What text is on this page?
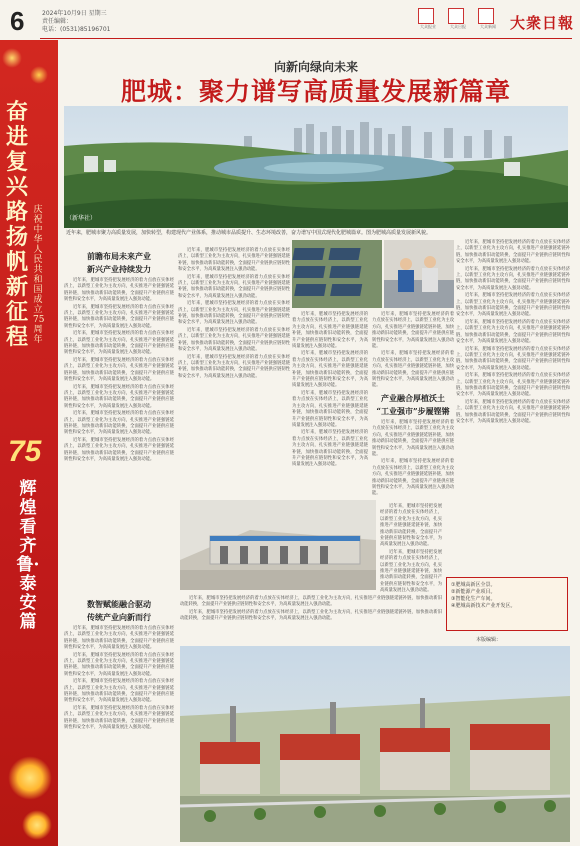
6	2024年10月9日 星期三
责任编辑：
电话：(0531)85196701	大众报业	大众日报	大众新闻 大衆日報
奋进复兴路 扬帆新征程
庆祝中华人民共和国成立75周年
75
辉煌看齐鲁·泰安篇
向新向绿向未来
肥城：聚力谱写高质量发展新篇章
（新华社）
近年来，肥城市聚力高质量发展，加快转型，构建现代产业体系，推动城市品质提升、生态环境改善，奋力谱写中国式现代化肥城篇章。图为肥城高质量发展新风貌。
前瞻布局未来产业
新兴产业持续发力

近年来，肥城市坚持把发展经济的着力点放在实体经济上，以新型工业化为主攻方向，扎实推进产业链强链延链补链，加快推动新旧动能转换，全面提升产业链供应链韧性和安全水平，为高质量发展注入强劲动能。

近年来，肥城市坚持把发展经济的着力点放在实体经济上，以新型工业化为主攻方向，扎实推进产业链强链延链补链，加快推动新旧动能转换，全面提升产业链供应链韧性和安全水平，为高质量发展注入强劲动能。

近年来，肥城市坚持把发展经济的着力点放在实体经济上，以新型工业化为主攻方向，扎实推进产业链强链延链补链，加快推动新旧动能转换，全面提升产业链供应链韧性和安全水平，为高质量发展注入强劲动能。

近年来，肥城市坚持把发展经济的着力点放在实体经济上，以新型工业化为主攻方向，扎实推进产业链强链延链补链，加快推动新旧动能转换，全面提升产业链供应链韧性和安全水平，为高质量发展注入强劲动能。

近年来，肥城市坚持把发展经济的着力点放在实体经济上，以新型工业化为主攻方向，扎实推进产业链强链延链补链，加快推动新旧动能转换，全面提升产业链供应链韧性和安全水平，为高质量发展注入强劲动能。

近年来，肥城市坚持把发展经济的着力点放在实体经济上，以新型工业化为主攻方向，扎实推进产业链强链延链补链，加快推动新旧动能转换，全面提升产业链供应链韧性和安全水平，为高质量发展注入强劲动能。

近年来，肥城市坚持把发展经济的着力点放在实体经济上，以新型工业化为主攻方向，扎实推进产业链强链延链补链，加快推动新旧动能转换，全面提升产业链供应链韧性和安全水平，为高质量发展注入强劲动能。

近年来，肥城市坚持把发展经济的着力点放在实体经济上，以新型工业化为主攻方向，扎实推进产业链强链延链补链，加快推动新旧动能转换，全面提升产业链供应链韧性和安全水平，为高质量发展注入强劲动能。

近年来，肥城市坚持把发展经济的着力点放在实体经济上，以新型工业化为主攻方向，扎实推进产业链强链延链补链，加快推动新旧动能转换，全面提升产业链供应链韧性和安全水平，为高质量发展注入强劲动能。

近年来，肥城市坚持把发展经济的着力点放在实体经济上，以新型工业化为主攻方向，扎实推进产业链强链延链补链，加快推动新旧动能转换，全面提升产业链供应链韧性和安全水平，为高质量发展注入强劲动能。

近年来，肥城市坚持把发展经济的着力点放在实体经济上，以新型工业化为主攻方向，扎实推进产业链强链延链补链，加快推动新旧动能转换，全面提升产业链供应链韧性和安全水平，为高质量发展注入强劲动能。

近年来，肥城市坚持把发展经济的着力点放在实体经济上，以新型工业化为主攻方向，扎实推进产业链强链延链补链，加快推动新旧动能转换，全面提升产业链供应链韧性和安全水平，为高质量发展注入强劲动能。

近年来，肥城市坚持把发展经济的着力点放在实体经济上，以新型工业化为主攻方向，扎实推进产业链强链延链补链，加快推动新旧动能转换，全面提升产业链供应链韧性和安全水平，为高质量发展注入强劲动能。

近年来，肥城市坚持把发展经济的着力点放在实体经济上，以新型工业化为主攻方向，扎实推进产业链强链延链补链，加快推动新旧动能转换，全面提升产业链供应链韧性和安全水平，为高质量发展注入强劲动能。

近年来，肥城市坚持把发展经济的着力点放在实体经济上，以新型工业化为主攻方向，扎实推进产业链强链延链补链，加快推动新旧动能转换，全面提升产业链供应链韧性和安全水平，为高质量发展注入强劲动能。

近年来，肥城市坚持把发展经济的着力点放在实体经济上，以新型工业化为主攻方向，扎实推进产业链强链延链补链，加快推动新旧动能转换，全面提升产业链供应链韧性和安全水平，为高质量发展注入强劲动能。

近年来，肥城市坚持把发展经济的着力点放在实体经济上，以新型工业化为主攻方向，扎实推进产业链强链延链补链，加快推动新旧动能转换，全面提升产业链供应链韧性和安全水平，为高质量发展注入强劲动能。

近年来，肥城市坚持把发展经济的着力点放在实体经济上，以新型工业化为主攻方向，扎实推进产业链强链延链补链，加快推动新旧动能转换，全面提升产业链供应链韧性和安全水平，为高质量发展注入强劲动能。

近年来，肥城市坚持把发展经济的着力点放在实体经济上，以新型工业化为主攻方向，扎实推进产业链强链延链补链，加快推动新旧动能转换，全面提升产业链供应链韧性和安全水平，为高质量发展注入强劲动能。

近年来，肥城市坚持把发展经济的着力点放在实体经济上，以新型工业化为主攻方向，扎实推进产业链强链延链补链，加快推动新旧动能转换，全面提升产业链供应链韧性和安全水平，为高质量发展注入强劲动能。

近年来，肥城市坚持把发展经济的着力点放在实体经济上，以新型工业化为主攻方向，扎实推进产业链强链延链补链，加快推动新旧动能转换，全面提升产业链供应链韧性和安全水平，为高质量发展注入强劲动能。

近年来，肥城市坚持把发展经济的着力点放在实体经济上，以新型工业化为主攻方向，扎实推进产业链强链延链补链，加快推动新旧动能转换，全面提升产业链供应链韧性和安全水平，为高质量发展注入强劲动能。

近年来，肥城市坚持把发展经济的着力点放在实体经济上，以新型工业化为主攻方向，扎实推进产业链强链延链补链，加快推动新旧动能转换，全面提升产业链供应链韧性和安全水平，为高质量发展注入强劲动能。

近年来，肥城市坚持把发展经济的着力点放在实体经济上，以新型工业化为主攻方向，扎实推进产业链强链延链补链，加快推动新旧动能转换，全面提升产业链供应链韧性和安全水平，为高质量发展注入强劲动能。

近年来，肥城市坚持把发展经济的着力点放在实体经济上，以新型工业化为主攻方向，扎实推进产业链强链延链补链，加快推动新旧动能转换，全面提升产业链供应链韧性和安全水平，为高质量发展注入强劲动能。

产业融合厚植沃土
“工业强市”步履铿锵

近年来，肥城市坚持把发展经济的着力点放在实体经济上，以新型工业化为主攻方向，扎实推进产业链强链延链补链，加快推动新旧动能转换，全面提升产业链供应链韧性和安全水平，为高质量发展注入强劲动能。

近年来，肥城市坚持把发展经济的着力点放在实体经济上，以新型工业化为主攻方向，扎实推进产业链强链延链补链，加快推动新旧动能转换，全面提升产业链供应链韧性和安全水平，为高质量发展注入强劲动能。

近年来，肥城市坚持把发展经济的着力点放在实体经济上，以新型工业化为主攻方向，扎实推进产业链强链延链补链，加快推动新旧动能转换，全面提升产业链供应链韧性和安全水平，为高质量发展注入强劲动能。

近年来，肥城市坚持把发展经济的着力点放在实体经济上，以新型工业化为主攻方向，扎实推进产业链强链延链补链，加快推动新旧动能转换，全面提升产业链供应链韧性和安全水平，为高质量发展注入强劲动能。

①肥城高新区全景。
②新能源产业项目。
③智能化生产车间。
④肥城高新技术产业开发区。
本版编辑：
数智赋能融合驱动
传统产业向新而行

近年来，肥城市坚持把发展经济的着力点放在实体经济上，以新型工业化为主攻方向，扎实推进产业链强链延链补链，加快推动新旧动能转换，全面提升产业链供应链韧性和安全水平，为高质量发展注入强劲动能。

近年来，肥城市坚持把发展经济的着力点放在实体经济上，以新型工业化为主攻方向，扎实推进产业链强链延链补链，加快推动新旧动能转换，全面提升产业链供应链韧性和安全水平，为高质量发展注入强劲动能。

近年来，肥城市坚持把发展经济的着力点放在实体经济上，以新型工业化为主攻方向，扎实推进产业链强链延链补链，加快推动新旧动能转换，全面提升产业链供应链韧性和安全水平，为高质量发展注入强劲动能。

近年来，肥城市坚持把发展经济的着力点放在实体经济上，以新型工业化为主攻方向，扎实推进产业链强链延链补链，加快推动新旧动能转换，全面提升产业链供应链韧性和安全水平，为高质量发展注入强劲动能。

近年来，肥城市坚持把发展经济的着力点放在实体经济上，以新型工业化为主攻方向，扎实推进产业链强链延链补链，加快推动新旧动能转换，全面提升产业链供应链韧性和安全水平，为高质量发展注入强劲动能。

近年来，肥城市坚持把发展经济的着力点放在实体经济上，以新型工业化为主攻方向，扎实推进产业链强链延链补链，加快推动新旧动能转换，全面提升产业链供应链韧性和安全水平，为高质量发展注入强劲动能。
